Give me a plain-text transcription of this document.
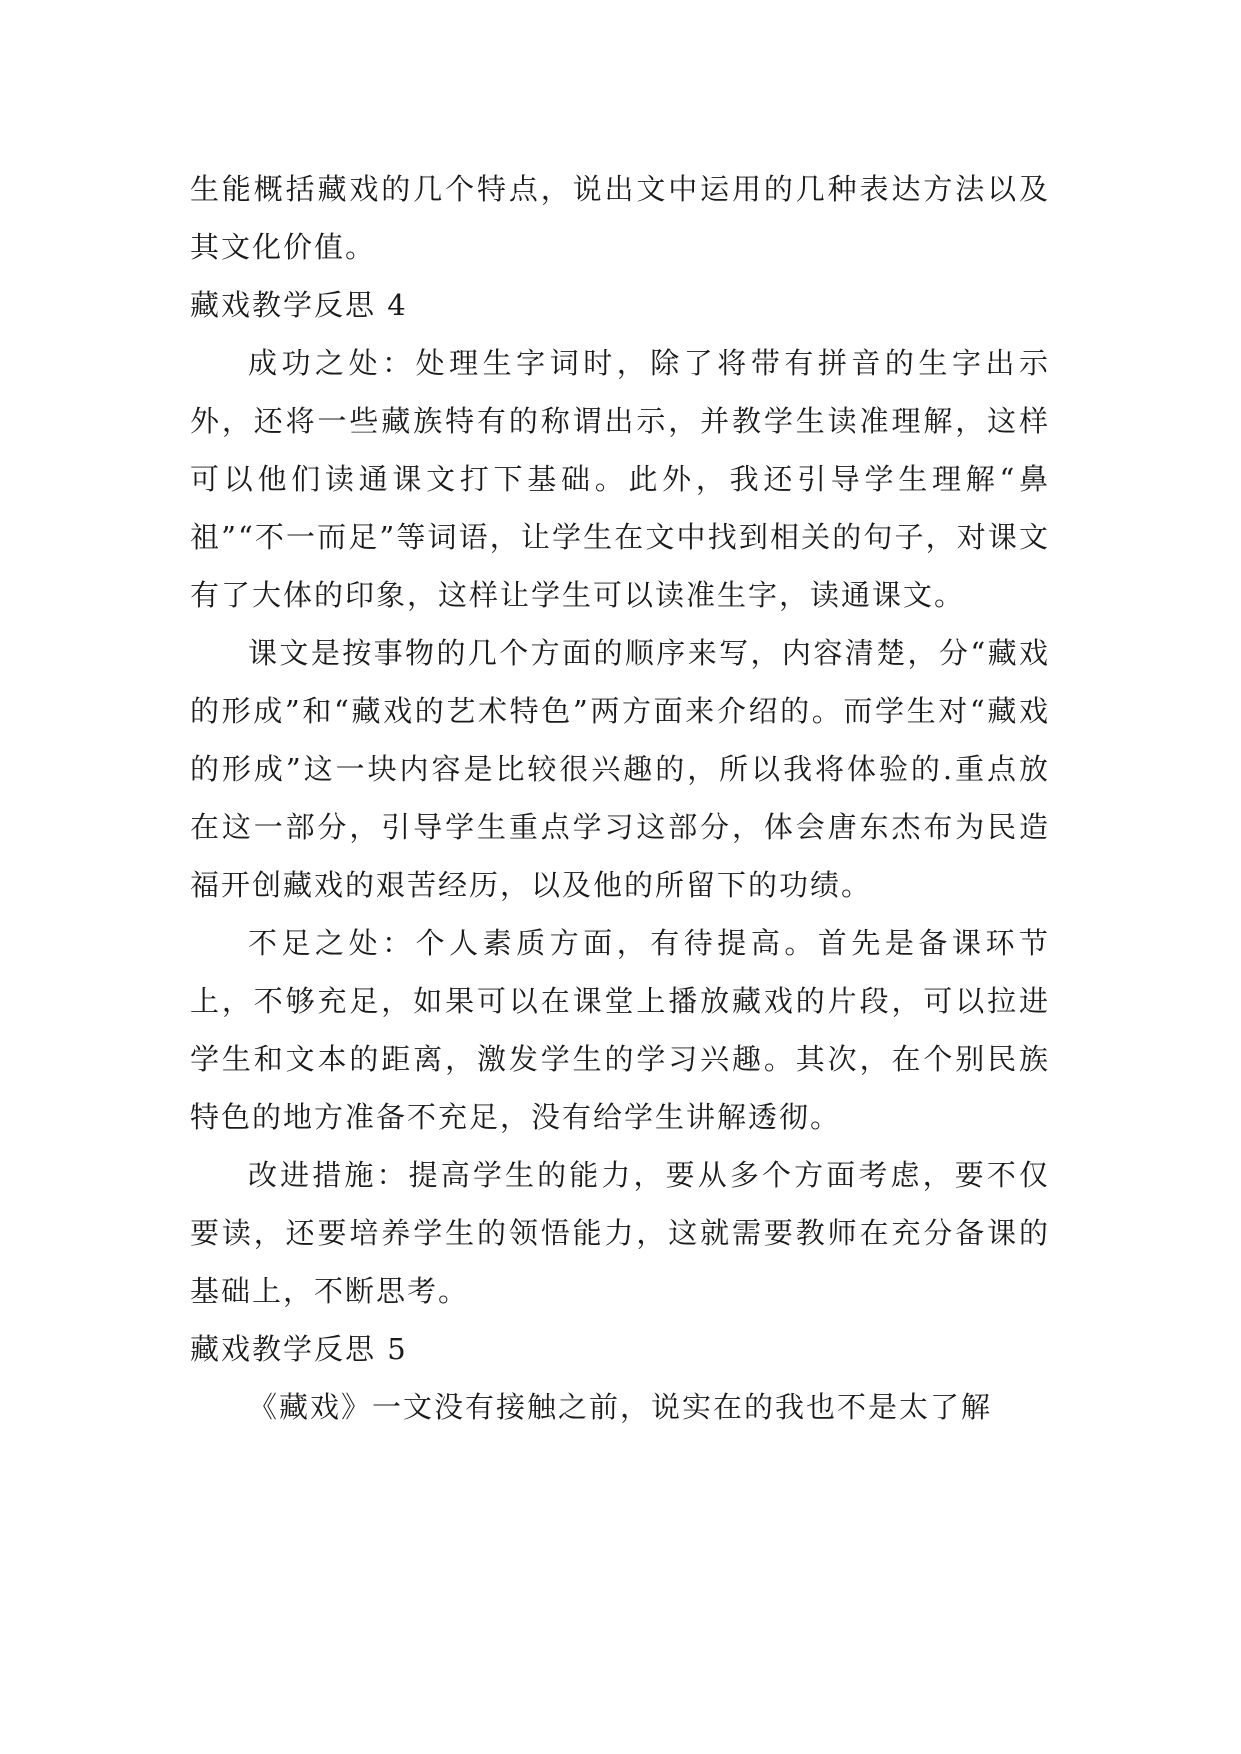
生能概括藏戏的几个特点，说出文中运用的几种表达方法以及其文化价值。

藏戏教学反思 4

成功之处：处理生字词时，除了将带有拼音的生字出示外，还将一些藏族特有的称谓出示，并教学生读准理解，这样可以他们读通课文打下基础。此外，我还引导学生理解“鼻祖”“不一而足”等词语，让学生在文中找到相关的句子，对课文有了大体的印象，这样让学生可以读准生字，读通课文。

课文是按事物的几个方面的顺序来写，内容清楚，分“藏戏的形成”和“藏戏的艺术特色”两方面来介绍的。而学生对“藏戏的形成”这一块内容是比较很兴趣的，所以我将体验的.重点放在这一部分，引导学生重点学习这部分，体会唐东杰布为民造福开创藏戏的艰苦经历，以及他的所留下的功绩。

不足之处：个人素质方面，有待提高。首先是备课环节上，不够充足，如果可以在课堂上播放藏戏的片段，可以拉进学生和文本的距离，激发学生的学习兴趣。其次，在个别民族特色的地方准备不充足，没有给学生讲解透彻。

改进措施：提高学生的能力，要从多个方面考虑，要不仅要读，还要培养学生的领悟能力，这就需要教师在充分备课的基础上，不断思考。

藏戏教学反思 5

《藏戏》一文没有接触之前，说实在的我也不是太了解
